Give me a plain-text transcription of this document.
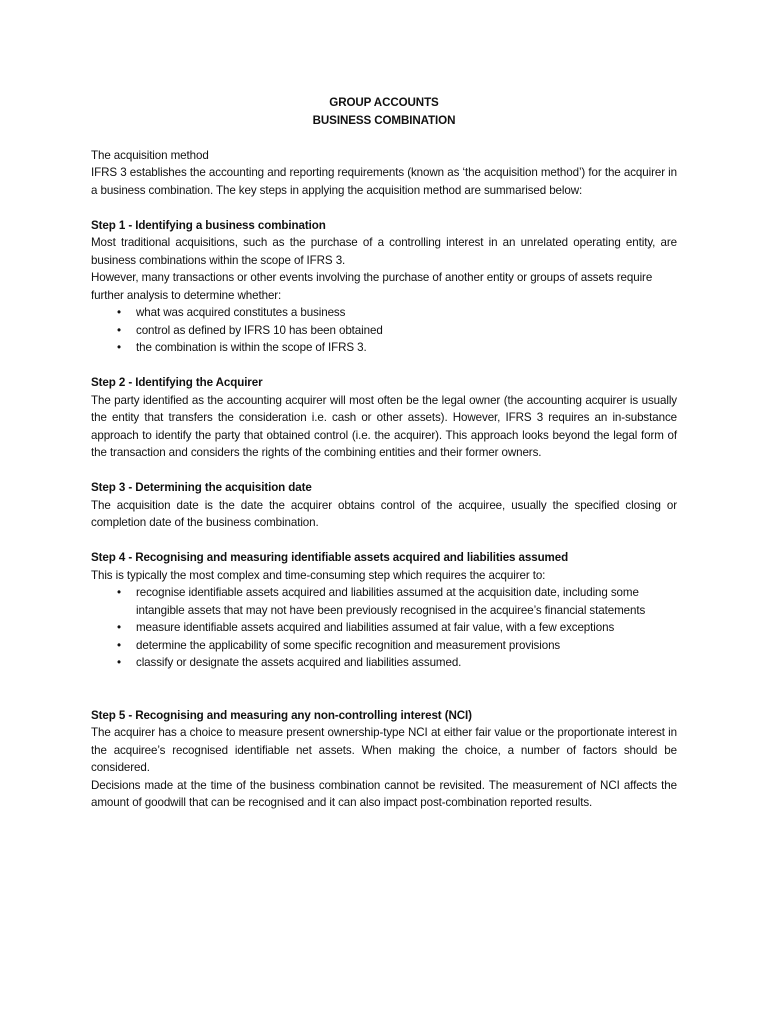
GROUP ACCOUNTS

BUSINESS COMBINATION

The acquisition method

IFRS 3 establishes the accounting and reporting requirements (known as ‘the acquisition method’) for the acquirer in a business combination. The key steps in applying the acquisition method are summarised below:

Step 1 - Identifying a business combination

Most traditional acquisitions, such as the purchase of a controlling interest in an unrelated operating entity, are business combinations within the scope of IFRS 3.

However, many transactions or other events involving the purchase of another entity or groups of assets require further analysis to determine whether:

• what was acquired constitutes a business
• control as defined by IFRS 10 has been obtained
• the combination is within the scope of IFRS 3.

Step 2 - Identifying the Acquirer

The party identified as the accounting acquirer will most often be the legal owner (the accounting acquirer is usually the entity that transfers the consideration i.e. cash or other assets). However, IFRS 3 requires an in-substance approach to identify the party that obtained control (i.e. the acquirer). This approach looks beyond the legal form of the transaction and considers the rights of the combining entities and their former owners.

Step 3 - Determining the acquisition date

The acquisition date is the date the acquirer obtains control of the acquiree, usually the specified closing or completion date of the business combination.

Step 4 - Recognising and measuring identifiable assets acquired and liabilities assumed

This is typically the most complex and time-consuming step which requires the acquirer to:

• recognise identifiable assets acquired and liabilities assumed at the acquisition date, including some intangible assets that may not have been previously recognised in the acquiree’s financial statements
• measure identifiable assets acquired and liabilities assumed at fair value, with a few exceptions
• determine the applicability of some specific recognition and measurement provisions
• classify or designate the assets acquired and liabilities assumed.

Step 5 - Recognising and measuring any non-controlling interest (NCI)

The acquirer has a choice to measure present ownership-type NCI at either fair value or the proportionate interest in the acquiree’s recognised identifiable net assets. When making the choice, a number of factors should be considered.

Decisions made at the time of the business combination cannot be revisited. The measurement of NCI affects the amount of goodwill that can be recognised and it can also impact post-combination reported results.
